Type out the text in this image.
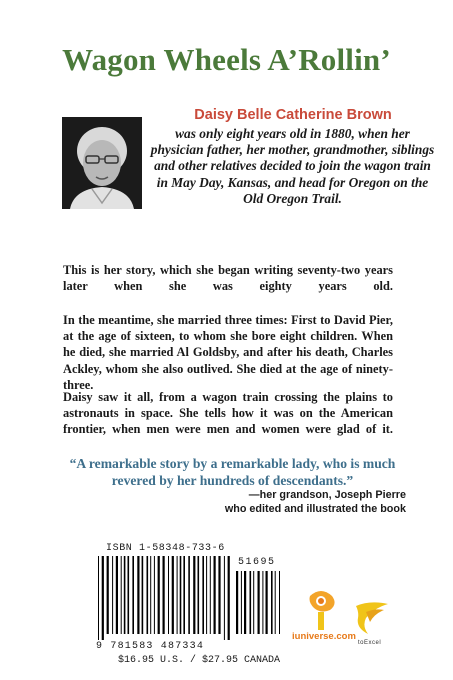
Wagon Wheels A’Rollin’

Daisy Belle Catherine Brown

was only eight years old in 1880, when her physician father, her mother, grandmother, siblings and other relatives decided to join the wagon train in May Day, Kansas, and head for Oregon on the Old Oregon Trail.

This is her story, which she began writing seventy-two years later when she was eighty years old.

In the meantime, she married three times: First to David Pier, at the age of sixteen, to whom she bore eight children. When he died, she married Al Goldsby, and after his death, Charles Ackley, whom she also outlived. She died at the age of ninety-three.

Daisy saw it all, from a wagon train crossing the plains to astronauts in space. She tells how it was on the American frontier, when men were men and women were glad of it.

“A remarkable story by a remarkable lady, who is much revered by her hundreds of descendants.”

—her grandson, Joseph Pierre

who edited and illustrated the book

ISBN 1-58348-733-6
51695
9 781583 487334
$16.95 U.S. / $27.95 CANADA
iuniverse.com
toExcel
